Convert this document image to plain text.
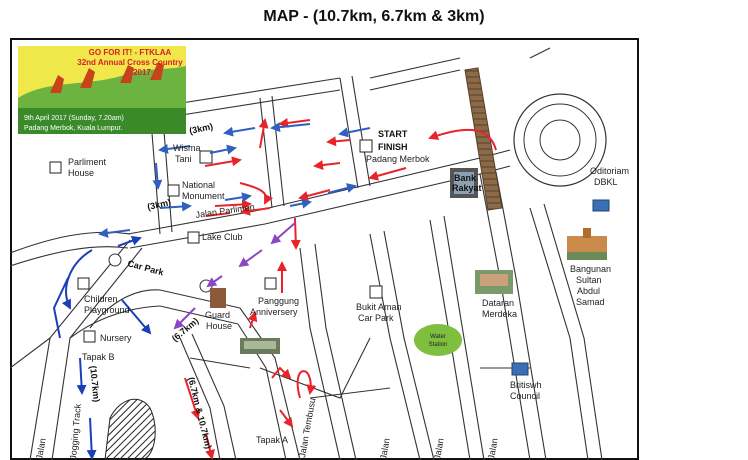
MAP - (10.7km, 6.7km & 3km)
GO FOR IT! - FTKLAA
32nd Annual Cross Country
2017
9th April 2017 (Sunday, 7.20am)
Padang Merbok, Kuala Lumpur.
Water
Station
Parliment
House
Wisma
Tani
National
Monument
Jalan Parlimen
Lake Club
Car Park
Children
Playground
Nursery
Tapak B
Tapak A
Guard
House
Panggung
Anniversery	Bukit Aman
Car Park
Padang Merbok
START
FINISH
Bank
Rakyat
Dataran
Merdeka
Oditoriam
DBKL
Bangunan
Sultan
Abdul
Samad
Britiswh
Council
Jalan Tembusu
Jalan	Jalan	Jalan	Jalan
Jogging Track
(3km)
(3km)
(6.7km)
(10.7km)	(6.7km & 10.7km)
